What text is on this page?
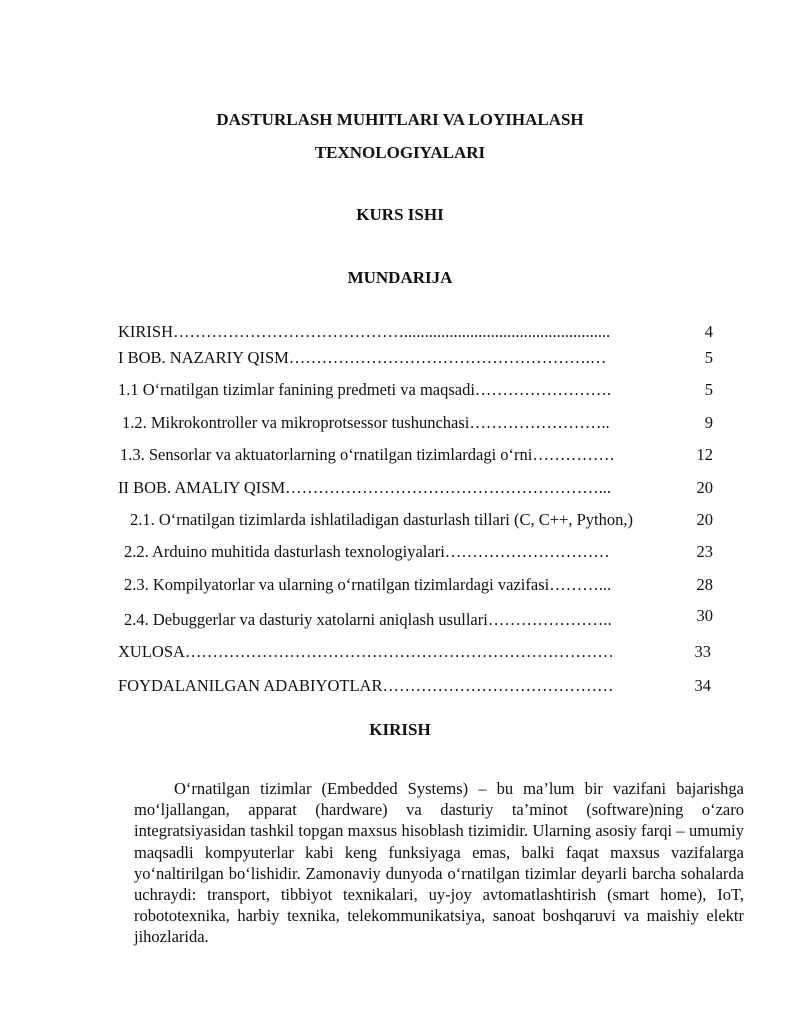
DASTURLASH MUHITLARI VA LOYIHALASH
TEXNOLOGIYALARI
KURS ISHI
MUNDARIJA
KIRISH……………………………………..................................................	4
I BOB. NAZARIY QISM……………………………………………….…	5
1.1 O‘rnatilgan tizimlar fanining predmeti va maqsadi…………………….	5
1.2. Mikrokontroller va mikroprotsessor tushunchasi……………………..	9
1.3. Sensorlar va aktuatorlarning o‘rnatilgan tizimlardagi o‘rni……………	12
II BOB. AMALIY QISM…………………………………………………...	20
2.1. O‘rnatilgan tizimlarda ishlatiladigan dasturlash tillari (C, C++, Python,)	20
2.2. Arduino muhitida dasturlash texnologiyalari…………………………	23
2.3. Kompilyatorlar va ularning o‘rnatilgan tizimlardagi vazifasi………...	28
2.4. Debuggerlar va dasturiy xatolarni aniqlash usullari…………………..	30
XULOSA……………………………………………………………………	33
FOYDALANILGAN ADABIYOTLAR……………………………………	34
KIRISH
O‘rnatilgan tizimlar (Embedded Systems) – bu ma’lum bir vazifani bajarishga mo‘ljallangan, apparat (hardware) va dasturiy ta’minot (software)ning o‘zaro integratsiyasidan tashkil topgan maxsus hisoblash tizimidir. Ularning asosiy farqi – umumiy maqsadli kompyuterlar kabi keng funksiyaga emas, balki faqat maxsus vazifalarga yo‘naltirilgan bo‘lishidir. Zamonaviy dunyoda o‘rnatilgan tizimlar deyarli barcha sohalarda uchraydi: transport, tibbiyot texnikalari, uy-joy avtomatlashtirish (smart home), IoT, robototexnika, harbiy texnika, telekommunikatsiya, sanoat boshqaruvi va maishiy elektr jihozlarida.
